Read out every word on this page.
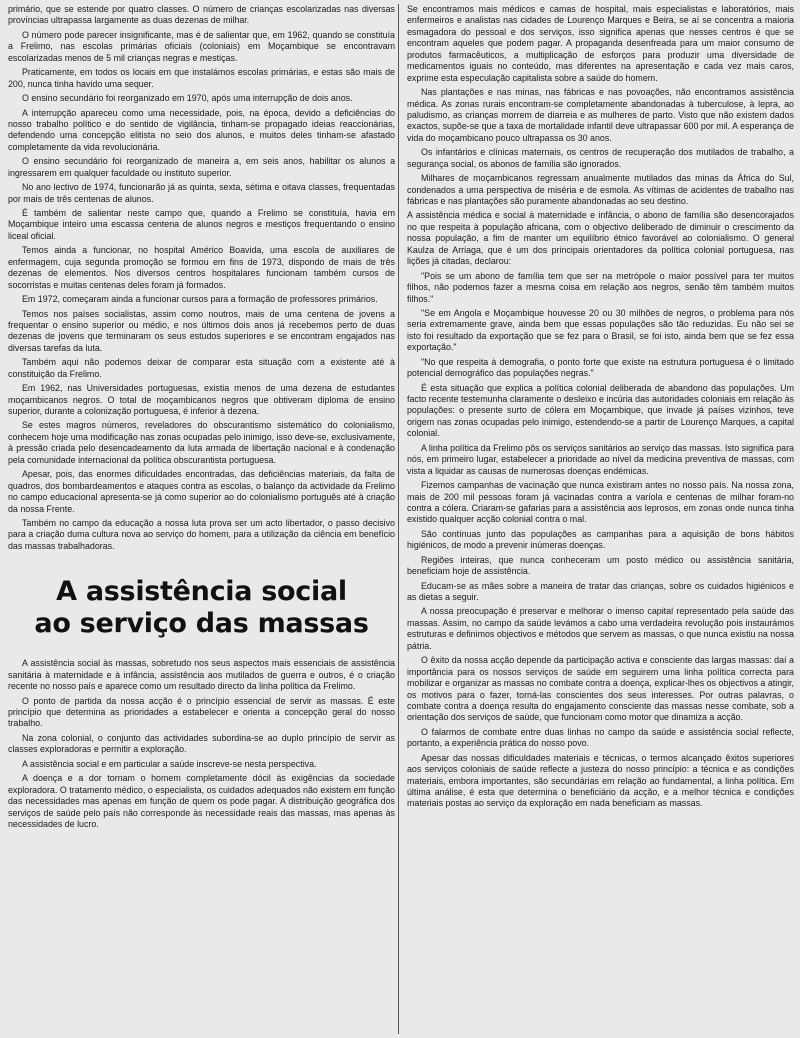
primário, que se estende por quatro classes. O número de crianças escolarizadas nas diversas províncias ultrapassa largamente as duas dezenas de milhar.

O número pode parecer insignificante, mas é de salientar que, em 1962, quando se constituía a Frelimo, nas escolas primárias oficiais (coloniais) em Moçambique se encontravam escolarizadas menos de 5 mil crianças negras e mestiças.

Praticamente, em todos os locais em que instalámos escolas primárias, e estas são mais de 200, nunca tinha havido uma sequer.

O ensino secundário foi reorganizado em 1970, após uma interrupção de dois anos.

A interrupção apareceu como uma necessidade, pois, na época, devido a deficiências do nosso trabalho político e do sentido de vigilância, tinham-se propagado ideias reaccionárias, defendendo uma concepção elitista no seio dos alunos, e muitos deles tinham-se afastado completamente da vida revolucionária.

O ensino secundário foi reorganizado de maneira a, em seis anos, habilitar os alunos a ingressarem em qualquer faculdade ou instituto superior.

No ano lectivo de 1974, funcionarão já as quinta, sexta, sétima e oitava classes, frequentadas por mais de três centenas de alunos.

É também de salientar neste campo que, quando a Frelimo se constituía, havia em Moçambique inteiro uma escassa centena de alunos negros e mestiços frequentando o ensino liceal oficial.

Temos ainda a funcionar, no hospital Américo Boavida, uma escola de auxiliares de enfermagem, cuja segunda promoção se formou em fins de 1973, dispondo de mais de três dezenas de elementos. Nos diversos centros hospitalares funcionam também cursos de socorristas e muitas centenas deles foram já formados.

Em 1972, começaram ainda a funcionar cursos para a formação de professores primários.

Temos nos países socialistas, assim como noutros, mais de uma centena de jovens a frequentar o ensino superior ou médio, e nos últimos dois anos já recebemos perto de duas dezenas de jovens que terminaram os seus estudos superiores e se encontram engajados nas diversas tarefas da luta.

Também aqui não podemos deixar de comparar esta situação com a existente até à constituição da Frelimo.

Em 1962, nas Universidades portuguesas, existia menos de uma dezena de estudantes moçambicanos negros. O total de moçambicanos negros que obtiveram diploma de ensino superior, durante a colonização portuguesa, é inferior à dezena.

Se estes magros números, reveladores do obscurantismo sistemático do colonialismo, conhecem hoje uma modificação nas zonas ocupadas pelo inimigo, isso deve-se, exclusivamente, à pressão criada pelo desencadeamento da luta armada de libertação nacional e à condenação pela comunidade internacional da política obscurantista portuguesa.

Apesar, pois, das enormes dificuldades encontradas, das deficiências materiais, da falta de quadros, dos bombardeamentos e ataques contra as escolas, o balanço da actividade da Frelimo no campo educacional apresenta-se já como superior ao do colonialismo português até à criação da nossa Frente.

Também no campo da educação a nossa luta prova ser um acto libertador, o passo decisivo para a criação duma cultura nova ao serviço do homem, para a utilização da ciência em benefício das massas trabalhadoras.

A assistência social
ao serviço das massas

A assistência social às massas, sobretudo nos seus aspectos mais essenciais de assistência sanitária à maternidade e à infância, assistência aos mutilados de guerra e outros, é o criação recente no nosso país e aparece como um resultado directo da linha política da Frelimo.

O ponto de partida da nossa acção é o princípio essencial de servir as massas. É este princípio que determina as prioridades a estabelecer e orienta a concepção geral do nosso trabalho.

Na zona colonial, o conjunto das actividades subordina-se ao duplo princípio de servir as classes exploradoras e permitir a exploração.

A assistência social e em particular a saúde inscreve-se nesta perspectiva.

A doença e a dor tornam o homem completamente dócil às exigências da sociedade exploradora. O tratamento médico, o especialista, os cuidados adequados não existem em função das necessidades mas apenas em função de quem os pode pagar. A distribuição geográfica dos serviços de saúde pelo país não corresponde às necessidade reais das massas, mas apenas às necessidades de lucro.

Se encontramos mais médicos e camas de hospital, mais especialistas e laboratórios, mais enfermeiros e analistas nas cidades de Lourenço Marques e Beira, se aí se concentra a maioria esmagadora do pessoal e dos serviços, isso significa apenas que nesses centros é que se encontram aqueles que podem pagar. A propaganda desenfreada para um maior consumo de produtos farmacêuticos, a multiplicação de esforços para produzir uma diversidade de medicamentos iguais no conteúdo, mas diferentes na apresentação e cada vez mais caros, exprime esta especulação capitalista sobre a saúde do homem.

Nas plantações e nas minas, nas fábricas e nas povoações, não encontramos assistência médica. As zonas rurais encontram-se completamente abandonadas à tuberculose, à lepra, ao paludismo, as crianças morrem de diarreia e as mulheres de parto. Visto que não existem dados exactos, supõe-se que a taxa de mortalidade infantil deve ultrapassar 600 por mil. A esperança de vida do moçambicano pouco ultrapassa os 30 anos.

Os infantários e clínicas maternais, os centros de recuperação dos mutilados de trabalho, a segurança social, os abonos de família são ignorados.

Milhares de moçambicanos regressam anualmente mutilados das minas da África do Sul, condenados a uma perspectiva de miséria e de esmola. As vítimas de acidentes de trabalho nas fábricas e nas plantações são puramente abandonadas ao seu destino.

A assistência médica e social à maternidade e infância, o abono de família são desencorajados no que respeita à população africana, com o objectivo deliberado de diminuir o crescimento da nossa população, a fim de manter um equilíbrio étnico favorável ao colonialismo. O general Kaulza de Arriaga, que é um dos principais orientadores da política colonial portuguesa, nas lições já citadas, declarou:

"Pois se um abono de família tem que ser na metrópole o maior possível para ter muitos filhos, não podemos fazer a mesma coisa em relação aos negros, senão têm também muitos filhos."

"Se em Angola e Moçambique houvesse 20 ou 30 milhões de negros, o problema para nós seria extremamente grave, ainda bem que essas populações são tão reduzidas. Eu não sei se isto foi resultado da exportação que se fez para o Brasil, se foi isto, ainda bem que se fez essa exportação."

"No que respeita à demografia, o ponto forte que existe na estrutura portuguesa é o limitado potencial demográfico das populações negras."

É esta situação que explica a política colonial deliberada de abandono das populações. Um facto recente testemunha claramente o desleixo e incúria das autoridades coloniais em relação às populações: o presente surto de cólera em Moçambique, que invade já países vizinhos, teve origem nas zonas ocupadas pelo inimigo, estendendo-se a partir de Lourenço Marques, a capital colonial.

A linha política da Frelimo pôs os serviços sanitários ao serviço das massas. Isto significa para nós, em primeiro lugar, estabelecer a prioridade ao nível da medicina preventiva de massas, com vista a liquidar as causas de numerosas doenças endémicas.

Fizemos campanhas de vacinação que nunca existiram antes no nosso país. Na nossa zona, mais de 200 mil pessoas foram já vacinadas contra a varíola e centenas de milhar foram-no contra a cólera. Criaram-se gafarias para a assistência aos leprosos, em zonas onde nunca tinha existido qualquer acção colonial contra o mal.

São contínuas junto das populações as campanhas para a aquisição de bons hábitos higiénicos, de modo a prevenir inúmeras doenças.

Regiões inteiras, que nunca conheceram um posto médico ou assistência sanitária, beneficiam hoje de assistência.

Educam-se as mães sobre a maneira de tratar das crianças, sobre os cuidados higiénicos e as dietas a seguir.

A nossa preocupação é preservar e melhorar o imenso capital representado pela saúde das massas. Assim, no campo da saúde levámos a cabo uma verdadeira revolução pois instaurámos estruturas e definimos objectivos e métodos que servem as massas, o que nunca existiu na nossa pátria.

O êxito da nossa acção depende da participação activa e consciente das largas massas: daí a importância para os nossos serviços de saúde em seguirem uma linha política correcta para mobilizar e organizar as massas no combate contra a doença, explicar-lhes os objectivos a atingir, os motivos para o fazer, torná-las conscientes dos seus interesses. Por outras palavras, o combate contra a doença resulta do engajamento consciente das massas nesse combate, sob a orientação dos serviços de saúde, que funcionam como motor que dinamiza a acção.

O falarmos de combate entre duas linhas no campo da saúde e assistência social reflecte, portanto, a experiência prática do nosso povo.

Apesar das nossas dificuldades materiais e técnicas, o termos alcançado êxitos superiores aos serviços coloniais de saúde reflecte a justeza do nosso princípio: a técnica e as condições materiais, embora importantes, são secundárias em relação ao fundamental, a linha política. Em última análise, é esta que determina o beneficiário da acção, e a melhor técnica e condições materiais postas ao serviço da exploração em nada beneficiam as massas.
